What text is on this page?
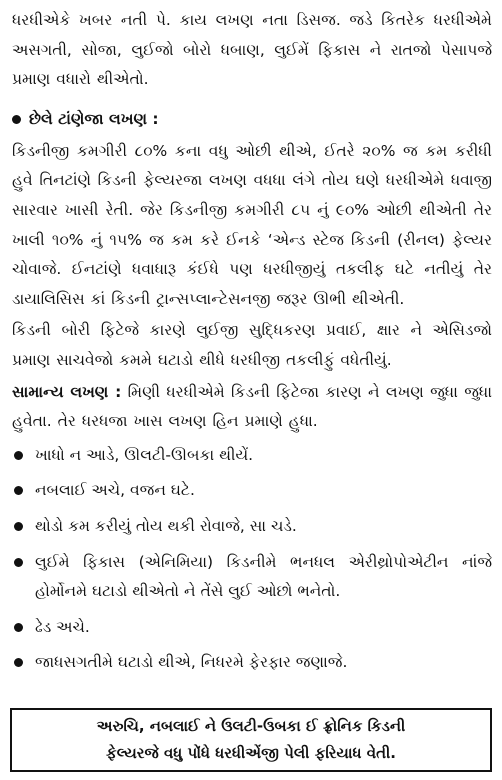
ધરધીએકે ખબર નતી પે. કાય લખણ નતા ડિસજ. જડે કિતરેક ધરધીએમે અસગતી, સોજા, લુઈજો બોરો ધબાણ, લુઈમેં ફિકાસ ને રાતજો પેસાપજે પ્રમાણ વધારો થીએતો.

છેલે ટાંણેજા લખણ :

કિડનીજી કમગીરી ૮૦% કના વધુ ઓછી થીએ, ઈતરે ૨૦% જ કમ કરીધી હુવે તિનટાંણે કિડની ફેલ્યરજા લખણ વધધા લંગે તોય ઘણે ધરધીએમે ધવાજી સારવાર ખાસી રેતી. જેર કિડનીજી કમગીરી ૮૫ નું ૯૦% ઓછી થીએતી તેર ખાલી ૧૦% નું ૧૫% જ કમ કરે ઈનકે ‘એન્ડ સ્ટેજ કિડની (રીનલ) ફેલ્યર ચોવાજે. ઈનટાંણે ધવાધારૂ કંઈધે પણ ધરધીજીયું તકલીફ ઘટે નતીયું તેર ડાયાલિસિસ કાં કિડની ટ્રાન્સપ્લાન્ટેસનજી જરૂર ઊભી થીએતી.

કિડની બોરી ફિટેજે કારણે લુઈજી સુદ્ધિકરણ પ્રવાઈ, ક્ષાર ને એસિડજો પ્રમાણ સાચવેજો કમમે ઘટાડો થીધે ધરધીજી તકલીફું વધેતીયું.

સામાન્ય લખણ : મિણી ધરધીએમે કિડની ફિટેજા કારણ ને લખણ જુધા જુધા હુવેતા. તેર ધરધજા ખાસ લખણ હિન પ્રમાણે હુધા.

ખાધો ન આડે, ઊલટી-ઊબકા થીયેં.
નબલાઈ અચે, વજન ઘટે.
થોડો કમ કરીયું તોય થકી રોવાજે, સા ચડે.
લુઈમે ફિકાસ (એનિમિયા) કિડનીમે ભનધલ એરીથ્રોપોએટીન નાંજે હોર્મોનમે ઘટાડો થીએતો ને તેંસે લુઈ ઓછો ભનેતો.
ઢેડ અચે.
જાધસગતીમે ઘટાડો થીએ, નિધરમે ફેરફાર જણાજે.
અરુચિ, નબલાઈ ને ઉલટી-ઉબકા ઈ ફ્રોનિક કિડની
ફેલ્યરજે વધુ પોંધે ધરધીએંજી પેલી ફરિયાધ વેતી.
